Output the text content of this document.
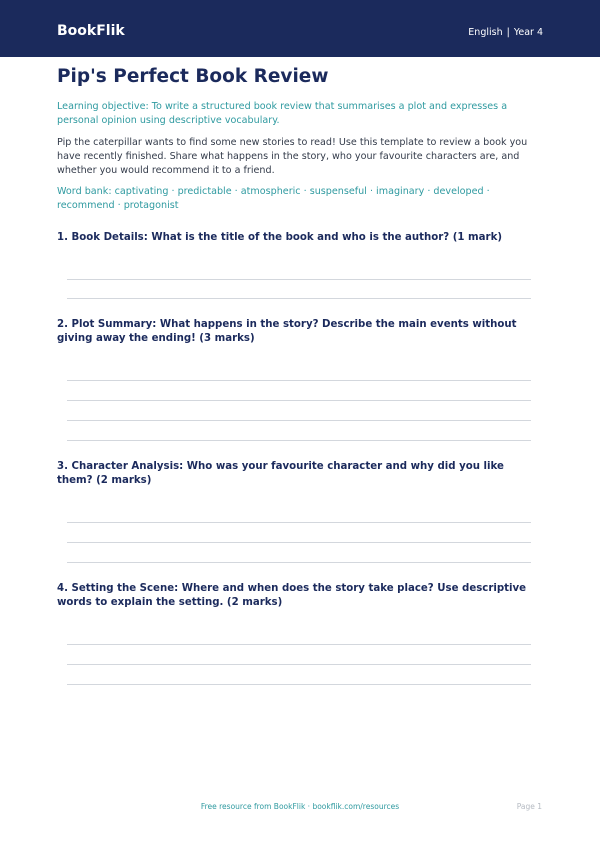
BookFlik	English | Year 4
Pip's Perfect Book Review

Learning objective: To write a structured book review that summarises a plot and expresses a personal opinion using descriptive vocabulary.

Pip the caterpillar wants to find some new stories to read! Use this template to review a book you have recently finished. Share what happens in the story, who your favourite characters are, and whether you would recommend it to a friend.

Word bank: captivating · predictable · atmospheric · suspenseful · imaginary · developed · recommend · protagonist

1. Book Details: What is the title of the book and who is the author? (1 mark)
2. Plot Summary: What happens in the story? Describe the main events without giving away the ending! (3 marks)
3. Character Analysis: Who was your favourite character and why did you like them? (2 marks)
4. Setting the Scene: Where and when does the story take place? Use descriptive words to explain the setting. (2 marks)
Free resource from BookFlik · bookflik.com/resources	Page 1
